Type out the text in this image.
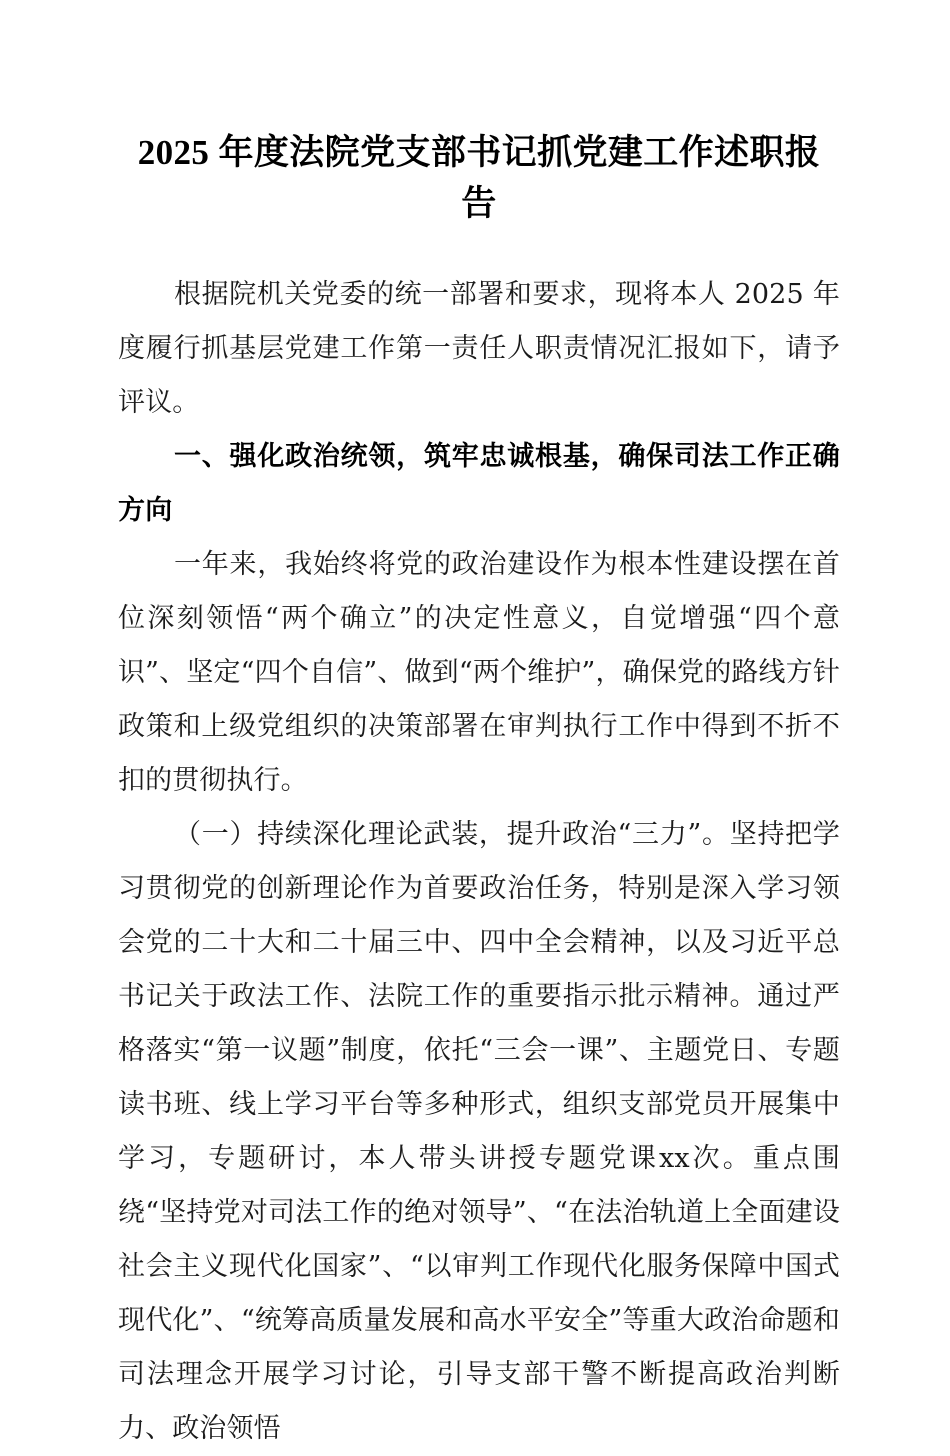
2025 年度法院党支部书记抓党建工作述职报
告

根据院机关党委的统一部署和要求，现将本人 2025 年度履行抓基层党建工作第一责任人职责情况汇报如下，请予评议。

一、强化政治统领，筑牢忠诚根基，确保司法工作正确方向

一年来，我始终将党的政治建设作为根本性建设摆在首位深刻领悟“两个确立”的决定性意义，自觉增强“四个意识”、坚定“四个自信”、做到“两个维护”，确保党的路线方针政策和上级党组织的决策部署在审判执行工作中得到不折不扣的贯彻执行。

（一）持续深化理论武装，提升政治“三力”。坚持把学习贯彻党的创新理论作为首要政治任务，特别是深入学习领会党的二十大和二十届三中、四中全会精神，以及习近平总书记关于政法工作、法院工作的重要指示批示精神。通过严格落实“第一议题”制度，依托“三会一课”、主题党日、专题读书班、线上学习平台等多种形式，组织支部党员开展集中学习，专题研讨，本人带头讲授专题党课xx次。重点围绕“坚持党对司法工作的绝对领导”、“在法治轨道上全面建设社会主义现代化国家”、“以审判工作现代化服务保障中国式现代化”、“统筹高质量发展和高水平安全”等重大政治命题和司法理念开展学习讨论，引导支部干警不断提高政治判断力、政治领悟
